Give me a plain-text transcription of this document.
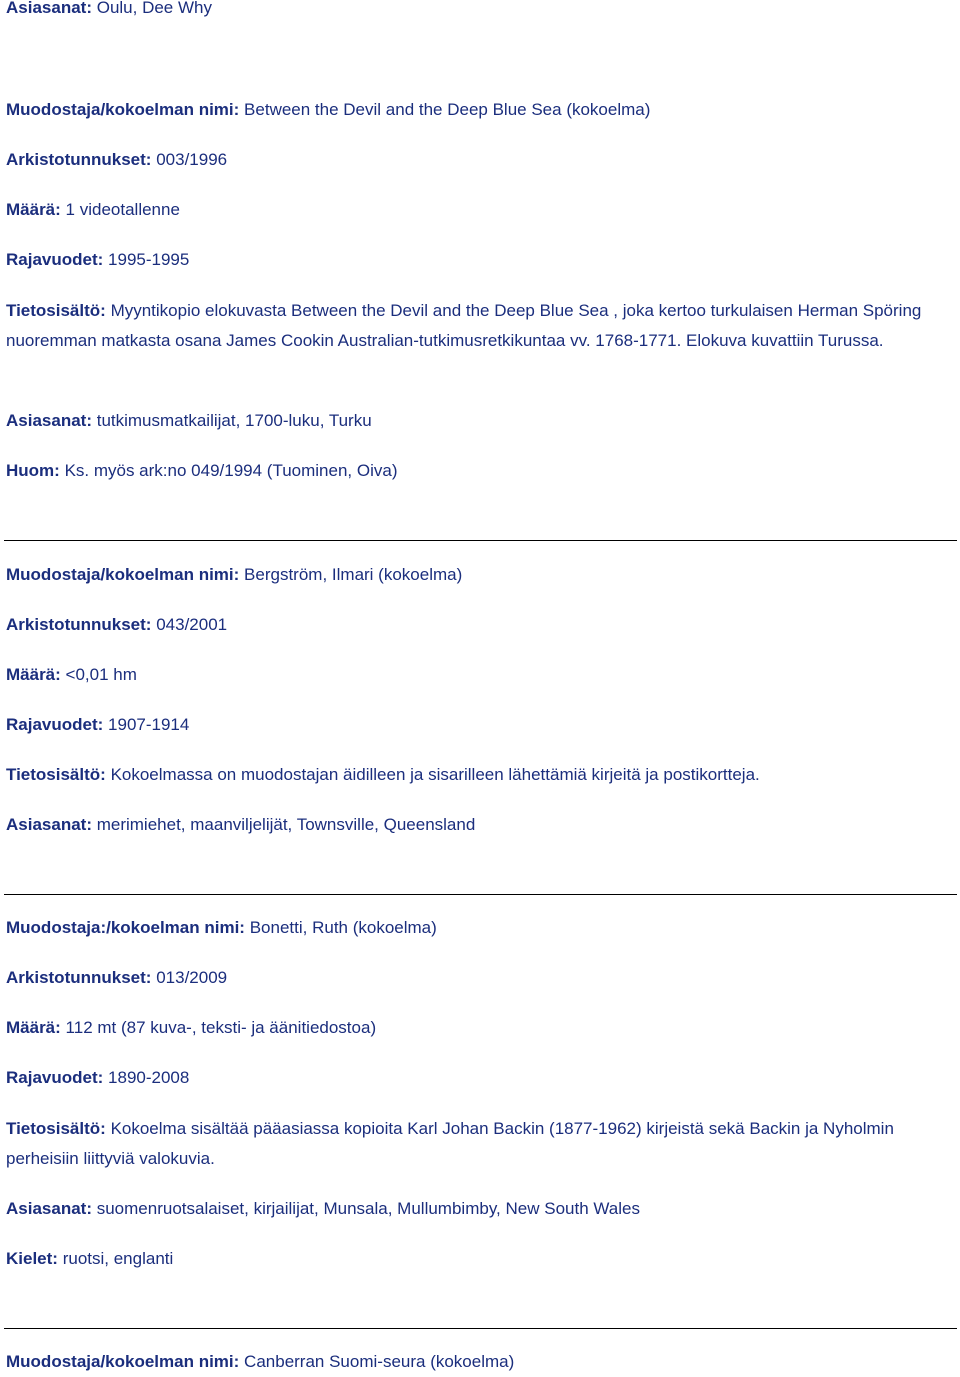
Asiasanat: Oulu, Dee Why

Muodostaja/kokoelman nimi: Between the Devil and the Deep Blue Sea (kokoelma)

Arkistotunnukset: 003/1996

Määrä: 1 videotallenne

Rajavuodet: 1995-1995

Tietosisältö: Myyntikopio elokuvasta Between the Devil and the Deep Blue Sea , joka kertoo turkulaisen Herman Spöring nuoremman matkasta osana James Cookin Australian-tutkimusretkikuntaa vv. 1768-1771. Elokuva kuvattiin Turussa.

Asiasanat: tutkimusmatkailijat, 1700-luku, Turku

Huom: Ks. myös ark:no 049/1994 (Tuominen, Oiva)

Muodostaja/kokoelman nimi: Bergström, Ilmari (kokoelma)

Arkistotunnukset: 043/2001

Määrä: <0,01 hm

Rajavuodet: 1907-1914

Tietosisältö: Kokoelmassa on muodostajan äidilleen ja sisarilleen lähettämiä kirjeitä ja postikortteja.

Asiasanat: merimiehet, maanviljelijät, Townsville, Queensland

Muodostaja:/kokoelman nimi: Bonetti, Ruth (kokoelma)

Arkistotunnukset: 013/2009

Määrä: 112 mt (87 kuva-, teksti- ja äänitiedostoa)

Rajavuodet: 1890-2008

Tietosisältö: Kokoelma sisältää pääasiassa kopioita Karl Johan Backin (1877-1962) kirjeistä sekä Backin ja Nyholmin perheisiin liittyviä valokuvia.

Asiasanat: suomenruotsalaiset, kirjailijat, Munsala, Mullumbimby, New South Wales

Kielet: ruotsi, englanti

Muodostaja/kokoelman nimi: Canberran Suomi-seura (kokoelma)
